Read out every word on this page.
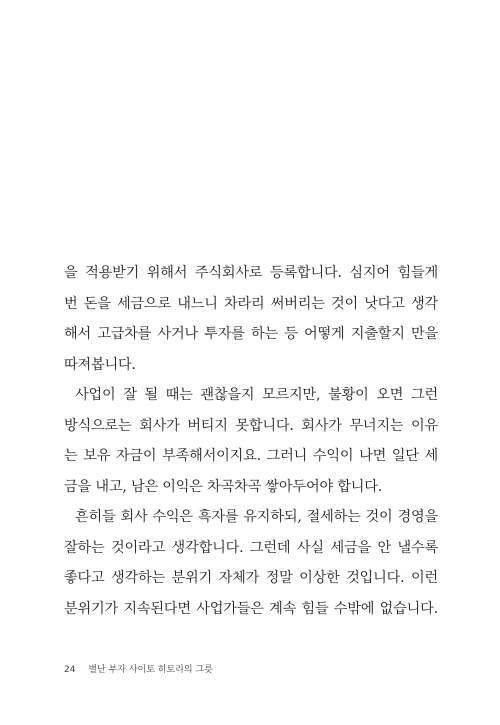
을 적용받기 위해서 주식회사로 등록합니다. 심지어 힘들게
번 돈을 세금으로 내느니 차라리 써버리는 것이 낫다고 생각
해서 고급차를 사거나 투자를 하는 등 어떻게 지출할지 만을
따져봅니다.
사업이 잘 될 때는 괜찮을지 모르지만, 불황이 오면 그런
방식으로는 회사가 버티지 못합니다. 회사가 무너지는 이유
는 보유 자금이 부족해서이지요. 그러니 수익이 나면 일단 세
금을 내고, 남은 이익은 차곡차곡 쌓아두어야 합니다.
흔히들 회사 수익은 흑자를 유지하되, 절세하는 것이 경영을
잘하는 것이라고 생각합니다. 그런데 사실 세금을 안 낼수록
좋다고 생각하는 분위기 자체가 정말 이상한 것입니다. 이런
분위기가 지속된다면 사업가들은 계속 힘들 수밖에 없습니다.
24 별난 부자 사이토 히토리의 그릇
